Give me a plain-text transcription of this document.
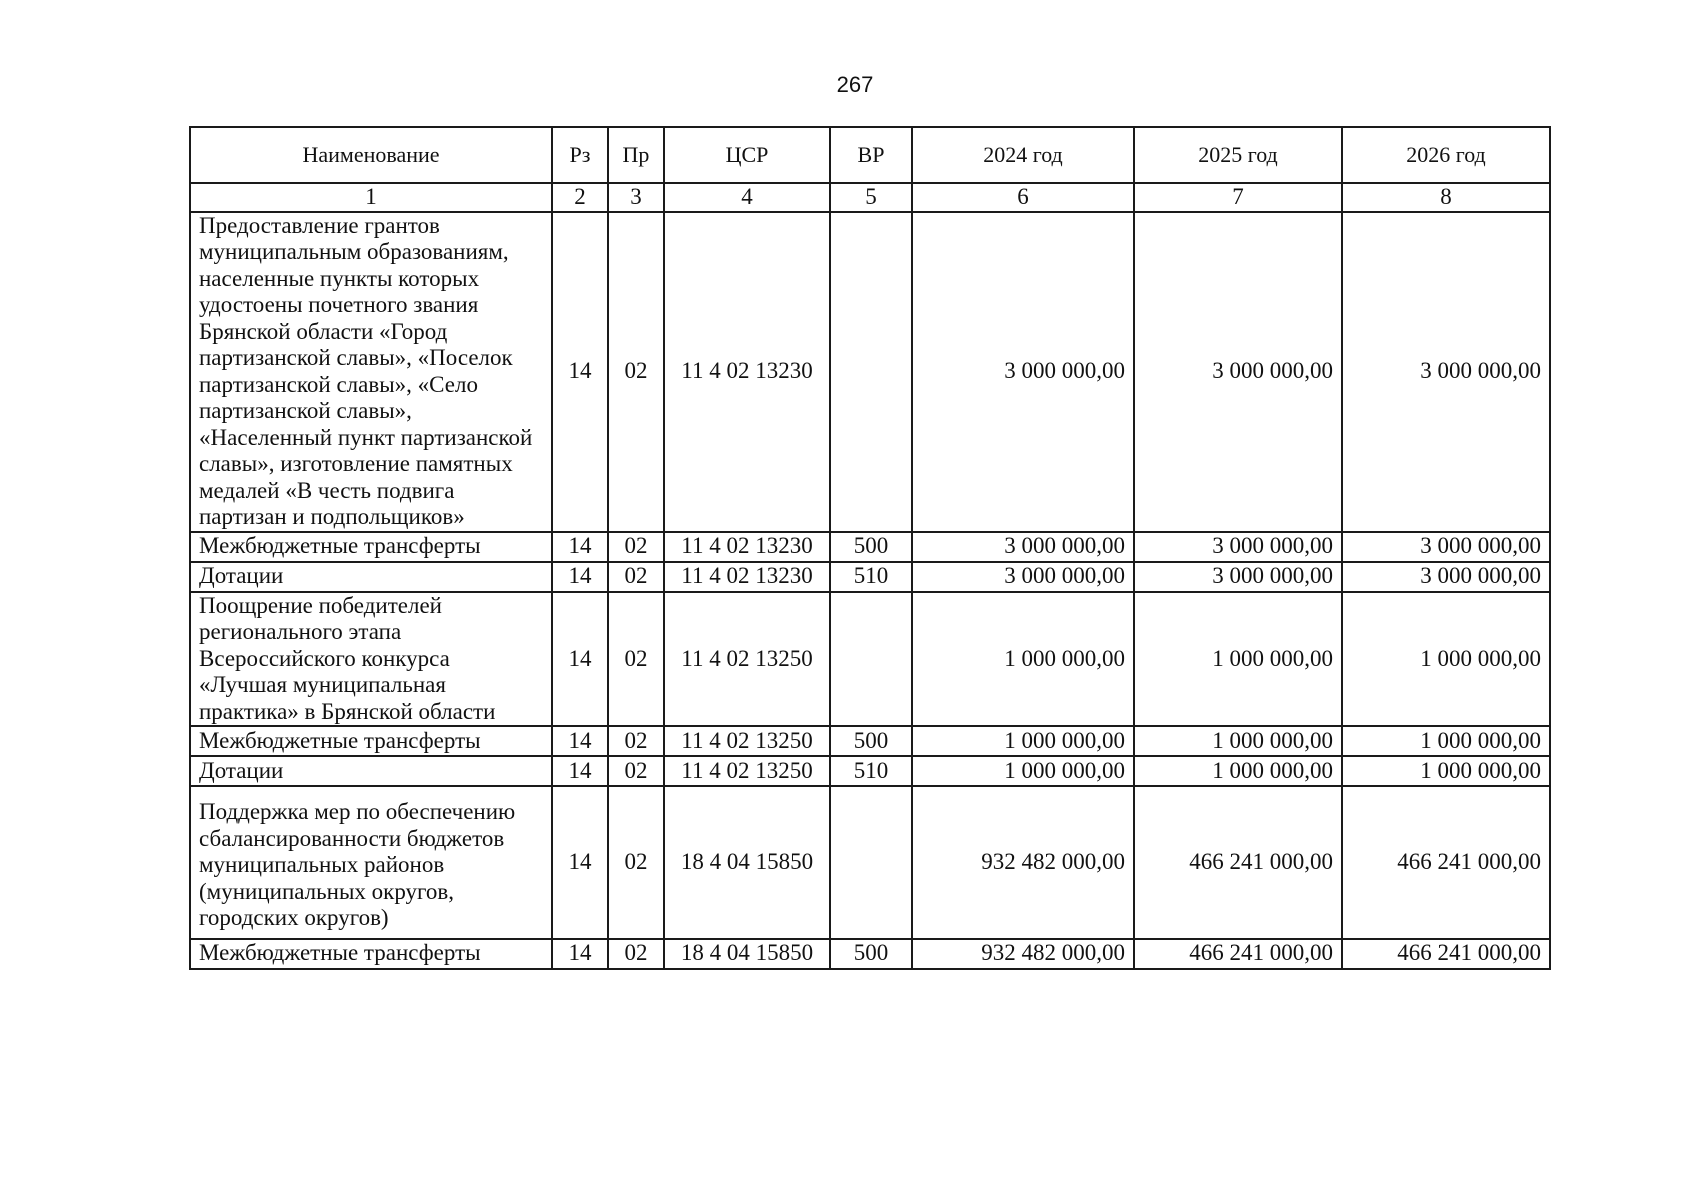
267
Наименование	Рз	Пр	ЦСР	ВР	2024 год	2025 год	2026 год
1	2	3	4	5	6	7	8
Предоставление грантов муниципальным образованиям, населенные пункты которых удостоены почетного звания Брянской области «Город партизанской славы», «Поселок партизанской славы», «Село партизанской славы», «Населенный пункт партизанской славы», изготовление памятных медалей «В честь подвига партизан и подпольщиков»	14	02	11 4 02 13230		3 000 000,00	3 000 000,00	3 000 000,00
Межбюджетные трансферты	14	02	11 4 02 13230	500	3 000 000,00	3 000 000,00	3 000 000,00
Дотации	14	02	11 4 02 13230	510	3 000 000,00	3 000 000,00	3 000 000,00
Поощрение победителей регионального этапа Всероссийского конкурса «Лучшая муниципальная практика» в Брянской области	14	02	11 4 02 13250		1 000 000,00	1 000 000,00	1 000 000,00
Межбюджетные трансферты	14	02	11 4 02 13250	500	1 000 000,00	1 000 000,00	1 000 000,00
Дотации	14	02	11 4 02 13250	510	1 000 000,00	1 000 000,00	1 000 000,00
Поддержка мер по обеспечению сбалансированности бюджетов муниципальных районов (муниципальных округов, городских округов)	14	02	18 4 04 15850		932 482 000,00	466 241 000,00	466 241 000,00
Межбюджетные трансферты	14	02	18 4 04 15850	500	932 482 000,00	466 241 000,00	466 241 000,00
